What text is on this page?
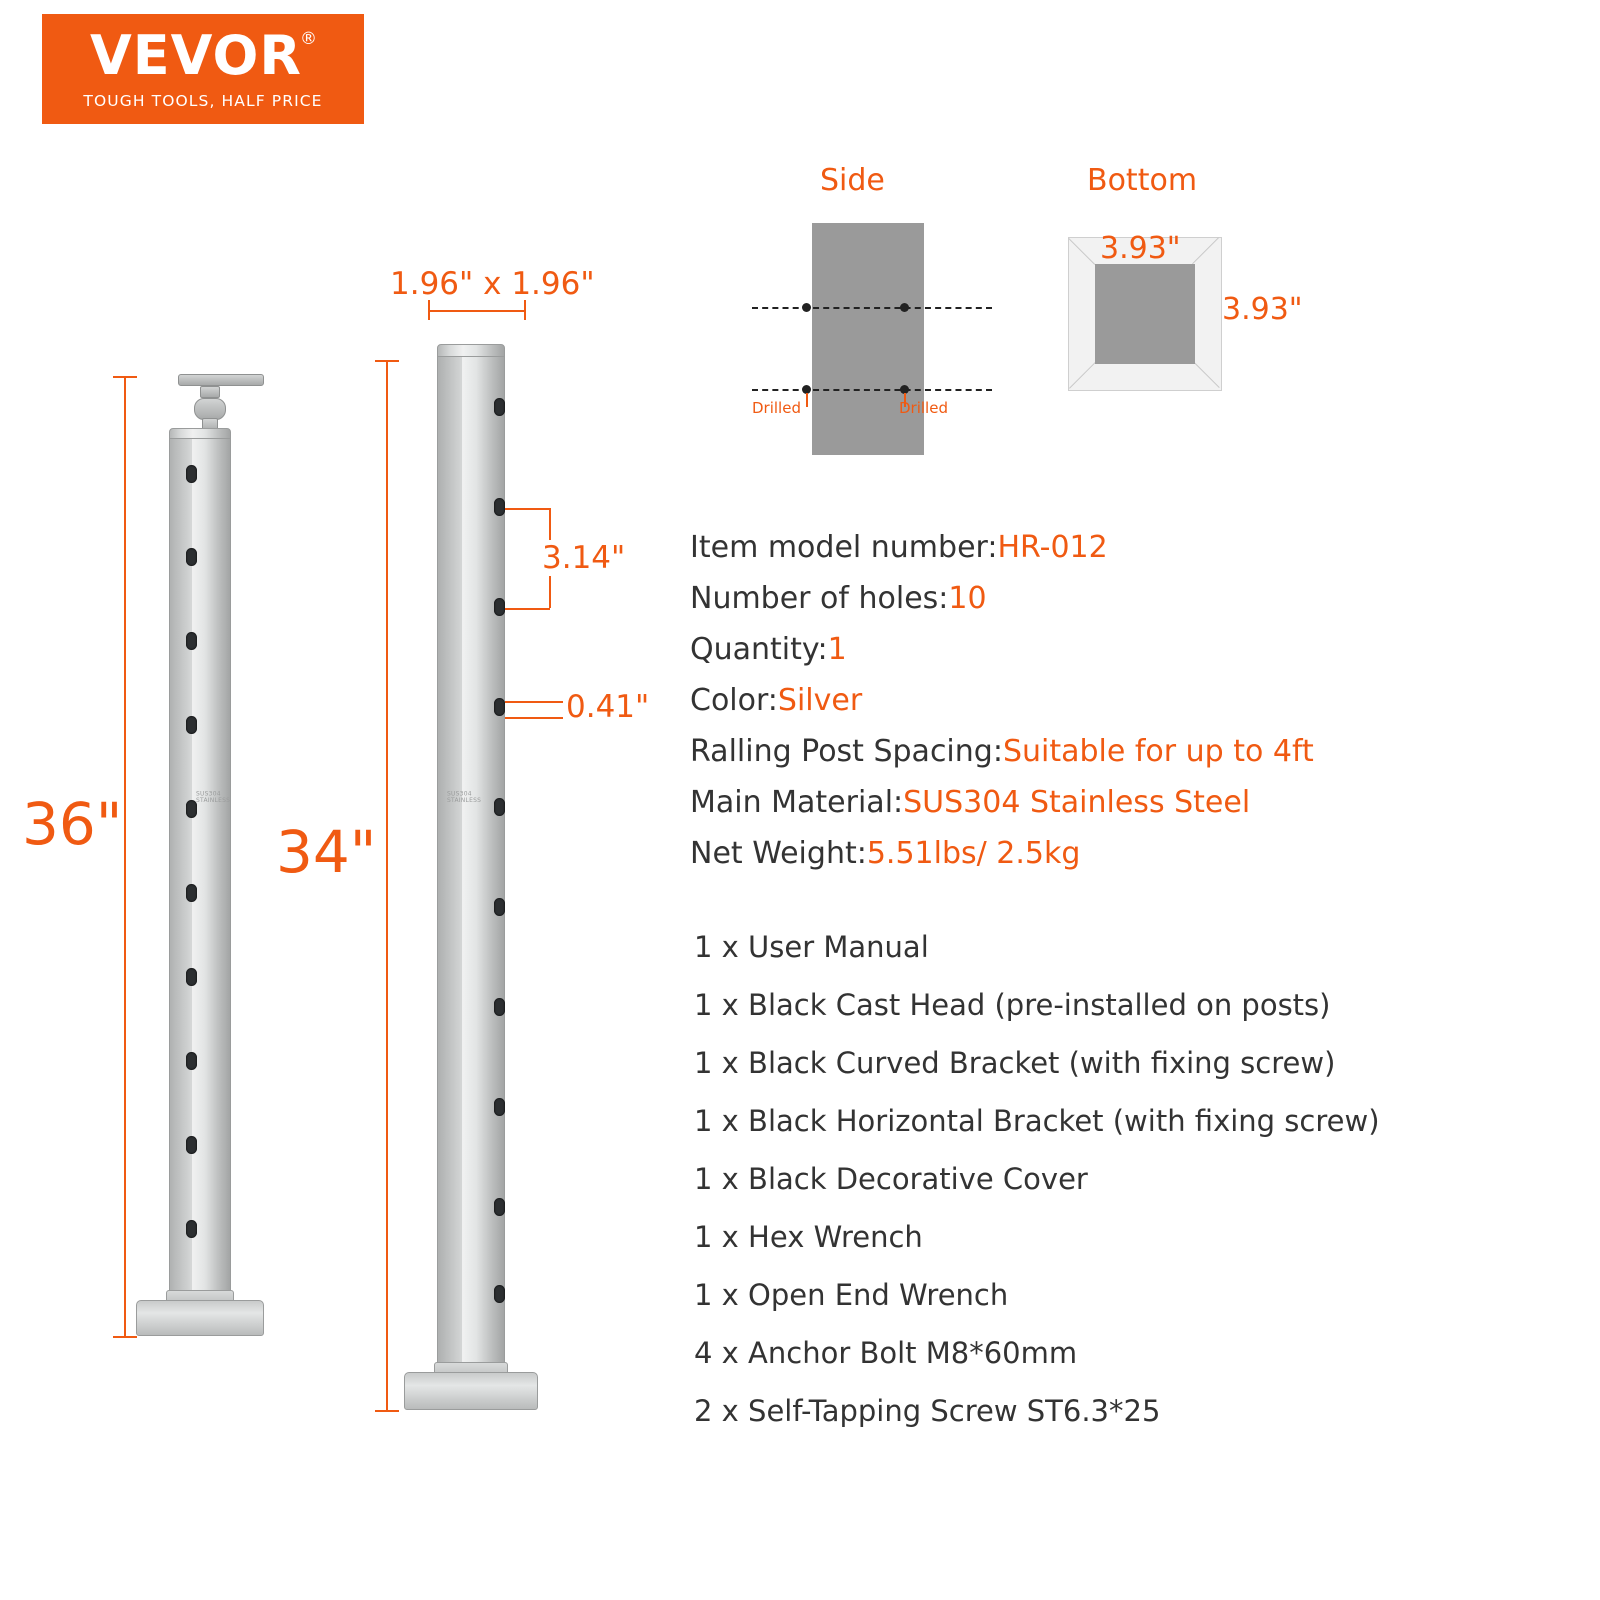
VEVOR
®
TOUGH TOOLS, HALF PRICE
Side
Drilled	Drilled
Bottom
3.93"
3.93"
SUS304 STAINLESS
36"	SUS304 STAINLESS
34"
1.96" x 1.96"
3.14"
0.41"
Item model number:HR-012
Number of holes:10
Quantity:1
Color:Silver
Ralling Post Spacing:Suitable for up to 4ft
Main Material:SUS304 Stainless Steel
Net Weight:5.51lbs/ 2.5kg
1 x User Manual
1 x Black Cast Head (pre-installed on posts)
1 x Black Curved Bracket (with fixing screw)
1 x Black Horizontal Bracket (with fixing screw)
1 x Black Decorative Cover
1 x Hex Wrench
1 x Open End Wrench
4 x Anchor Bolt M8*60mm
2 x Self-Tapping Screw ST6.3*25
